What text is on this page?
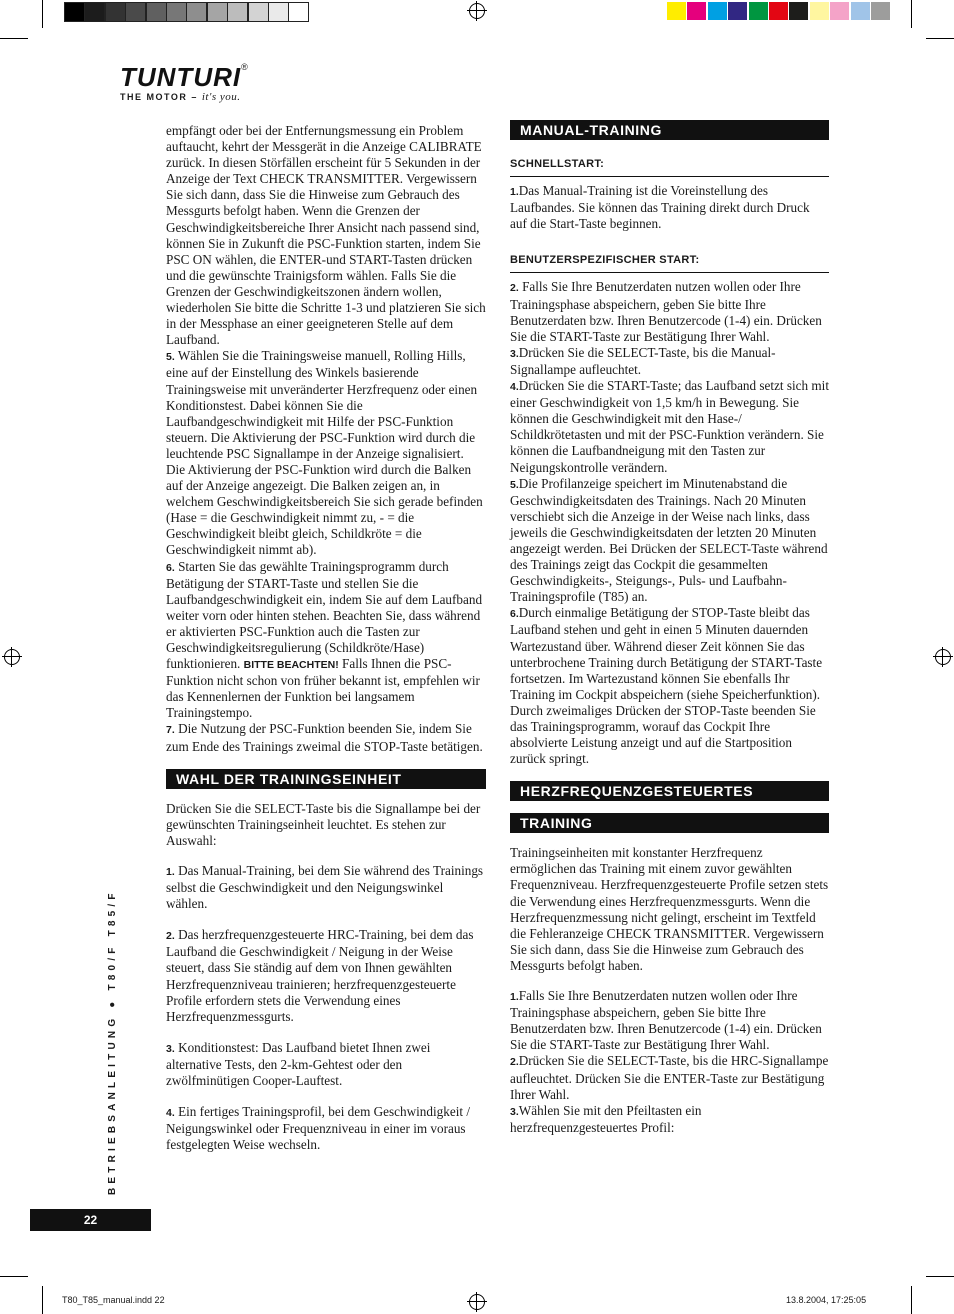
TUNTURI®
THE MOTOR – it's you.

empfängt oder bei der Entfernungsmessung ein Problem auftaucht, kehrt der Messgerät in die Anzeige CALIBRATE zurück. In diesen Störfällen erscheint für 5 Sekunden in der Anzeige der Text CHECK TRANSMITTER. Vergewissern Sie sich dann, dass Sie die Hinweise zum Gebrauch des Messgurts befolgt haben. Wenn die Grenzen der Geschwindigkeitsbereiche Ihrer Ansicht nach passend sind, können Sie in Zukunft die PSC-Funktion starten, indem Sie PSC ON wählen, die ENTER-und START-Tasten drücken und die gewünschte Trainigsform wählen. Falls Sie die Grenzen der Geschwindigkeitszonen ändern wollen, wiederholen Sie bitte die Schritte 1-3 und platzieren Sie sich in der Messphase an einer geeigneteren Stelle auf dem Laufband.

5. Wählen Sie die Trainingsweise manuell, Rolling Hills, eine auf der Einstellung des Winkels basierende Trainingsweise mit unveränderter Herzfrequenz oder einen Konditionstest. Dabei können Sie die Laufbandgeschwindigkeit mit Hilfe der PSC-Funktion steuern. Die Aktivierung der PSC-Funktion wird durch die leuchtende PSC Signallampe in der Anzeige signalisiert. Die Aktivierung der PSC-Funktion wird durch die Balken auf der Anzeige angezeigt. Die Balken zeigen an, in welchem Geschwindigkeitsbereich Sie sich gerade befinden (Hase = die Geschwindigkeit nimmt zu, - = die Geschwindigkeit bleibt gleich, Schildkröte = die Geschwindigkeit nimmt ab).

6. Starten Sie das gewählte Trainingsprogramm durch Betätigung der START-Taste und stellen Sie die Laufbandgeschwindigkeit ein, indem Sie auf dem Laufband weiter vorn oder hinten stehen. Beachten Sie, dass während er aktivierten PSC-Funktion auch die Tasten zur Geschwindigkeitsregulierung (Schildkröte/Hase) funktionieren. BITTE BEACHTEN! Falls Ihnen die PSC-Funktion nicht schon von früher bekannt ist, empfehlen wir das Kennenlernen der Funktion bei langsamem Trainingstempo.

7. Die Nutzung der PSC-Funktion beenden Sie, indem Sie zum Ende des Trainings zweimal die STOP-Taste betätigen.

WAHL DER TRAININGSEINHEIT

Drücken Sie die SELECT-Taste bis die Signallampe bei der gewünschten Trainingseinheit leuchtet. Es stehen zur Auswahl:

1. Das Manual-Training, bei dem Sie während des Trainings selbst die Geschwindigkeit und den Neigungswinkel wählen.

2. Das herzfrequenzgesteuerte HRC-Training, bei dem das Laufband die Geschwindigkeit / Neigung in der Weise steuert, dass Sie ständig auf dem von Ihnen gewählten Herzfrequenzniveau trainieren; herzfrequenzgesteuerte Profile erfordern stets die Verwendung eines Herzfrequenzmessgurts.

3. Konditionstest: Das Laufband bietet Ihnen zwei alternative Tests, den 2-km-Gehtest oder den zwölfminütigen Cooper-Lauftest.

4. Ein fertiges Trainingsprofil, bei dem Geschwindigkeit / Neigungswinkel oder Frequenzniveau in einer im voraus festgelegten Weise wechseln.

MANUAL-TRAINING
SCHNELLSTART:

1.Das Manual-Training ist die Voreinstellung des Laufbandes. Sie können das Training direkt durch Druck auf die Start-Taste beginnen.

BENUTZERSPEZIFISCHER START:

2. Falls Sie Ihre Benutzerdaten nutzen wollen oder Ihre Trainingsphase abspeichern, geben Sie bitte Ihre Benutzerdaten bzw. Ihren Benutzercode (1-4) ein. Drücken Sie die START-Taste zur Bestätigung Ihrer Wahl.

3.Drücken Sie die SELECT-Taste, bis die Manual-Signallampe aufleuchtet.

4.Drücken Sie die START-Taste; das Laufband setzt sich mit einer Geschwindigkeit von 1,5 km/h in Bewegung. Sie können die Geschwindigkeit mit den Hase-/ Schildkrötetasten und mit der PSC-Funktion verändern. Sie können die Laufbandneigung mit den Tasten zur Neigungskontrolle verändern.

5.Die Profilanzeige speichert im Minutenabstand die Geschwindigkeitsdaten des Trainings. Nach 20 Minuten verschiebt sich die Anzeige in der Weise nach links, dass jeweils die Geschwindigkeitsdaten der letzten 20 Minuten angezeigt werden. Bei Drücken der SELECT-Taste während des Trainings zeigt das Cockpit die gesammelten Geschwindigkeits-, Steigungs-, Puls- und Laufbahn-Trainingsprofile (T85) an.

6.Durch einmalige Betätigung der STOP-Taste bleibt das Laufband stehen und geht in einen 5 Minuten dauernden Wartezustand über. Während dieser Zeit können Sie das unterbrochene Training durch Betätigung der START-Taste fortsetzen. Im Wartezustand können Sie ebenfalls Ihr Training im Cockpit abspeichern (siehe Speicherfunktion). Durch zweimaliges Drücken der STOP-Taste beenden Sie das Trainingsprogramm, worauf das Cockpit Ihre absolvierte Leistung anzeigt und auf die Startposition zurück springt.

HERZFREQUENZGESTEUERTES
TRAINING

Trainingseinheiten mit konstanter Herzfrequenz ermöglichen das Training mit einem zuvor gewählten Frequenzniveau. Herzfrequenzgesteuerte Profile setzen stets die Verwendung eines Herzfrequenzmessgurts. Wenn die Herzfrequenzmessung nicht gelingt, erscheint im Textfeld die Fehleranzeige CHECK TRANSMITTER. Vergewissern Sie sich dann, dass Sie die Hinweise zum Gebrauch des Messgurts befolgt haben.

1.Falls Sie Ihre Benutzerdaten nutzen wollen oder Ihre Trainingsphase abspeichern, geben Sie bitte Ihre Benutzerdaten bzw. Ihren Benutzercode (1-4) ein. Drücken Sie die START-Taste zur Bestätigung Ihrer Wahl.

2.Drücken Sie die SELECT-Taste, bis die HRC-Signallampe aufleuchtet. Drücken Sie die ENTER-Taste zur Bestätigung Ihrer Wahl.

3.Wählen Sie mit den Pfeiltasten ein herzfrequenzgesteuertes Profil:

BETRIEBSANLEITUNG ● T80/F T85/F
22
T80_T85_manual.indd 22	13.8.2004, 17:25:05
